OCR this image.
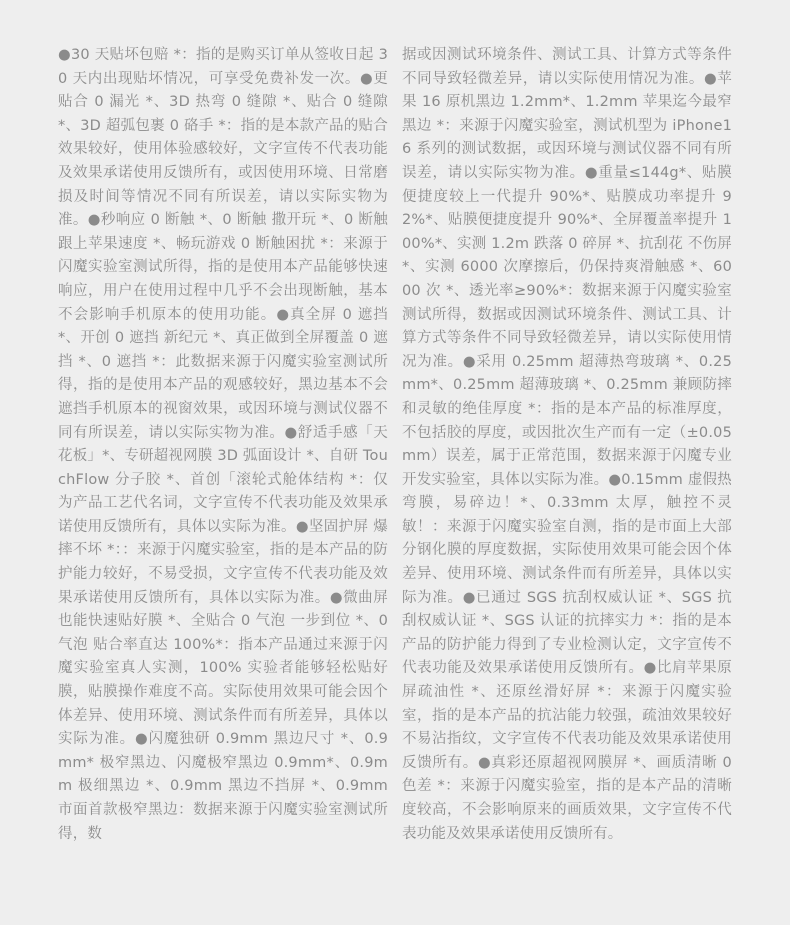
●30 天贴坏包赔 *：指的是购买订单从签收日起 30 天内出现贴坏情况，可享受免费补发一次。●更贴合 0 漏光 *、3D 热弯 0 缝隙 *、贴合 0 缝隙 *、3D 超弧包裹 0 硌手 *：指的是本款产品的贴合效果较好，使用体验感较好，文字宣传不代表功能及效果承诺使用反馈所有，或因使用环境、日常磨损及时间等情况不同有所误差，请以实际实物为准。●秒响应 0 断触 *、0 断触 撒开玩 *、0 断触 跟上苹果速度 *、畅玩游戏 0 断触困扰 *：来源于闪魔实验室测试所得，指的是使用本产品能够快速响应，用户在使用过程中几乎不会出现断触，基本不会影响手机原本的使用功能。●真全屏 0 遮挡 *、开创 0 遮挡 新纪元 *、真正做到全屏覆盖 0 遮挡 *、0 遮挡 *：此数据来源于闪魔实验室测试所得，指的是使用本产品的观感较好，黑边基本不会遮挡手机原本的视窗效果，或因环境与测试仪器不同有所误差，请以实际实物为准。●舒适手感「天花板」*、专研超视网膜 3D 弧面设计 *、自研 TouchFlow 分子胶 *、首创「滚轮式舱体结构 *：仅为产品工艺代名词，文字宣传不代表功能及效果承诺使用反馈所有，具体以实际为准。●坚固护屏 爆摔不坏 *：：来源于闪魔实验室，指的是本产品的防护能力较好，不易受损，文字宣传不代表功能及效果承诺使用反馈所有，具体以实际为准。●微曲屏也能快速贴好膜 *、全贴合 0 气泡 一步到位 *、0 气泡 贴合率直达 100%*：指本产品通过来源于闪魔实验室真人实测，100% 实验者能够轻松贴好膜，贴膜操作难度不高。实际使用效果可能会因个体差异、使用环境、测试条件而有所差异，具体以实际为准。●闪魔独研 0.9mm 黑边尺寸 *、0.9mm* 极窄黑边、闪魔极窄黑边 0.9mm*、0.9mm 极细黑边 *、0.9mm 黑边不挡屏 *、0.9mm 市面首款极窄黑边：数据来源于闪魔实验室测试所得，数

据或因测试环境条件、测试工具、计算方式等条件不同导致轻微差异，请以实际使用情况为准。●苹果 16 原机黑边 1.2mm*、1.2mm 苹果迄今最窄黑边 *：来源于闪魔实验室，测试机型为 iPhone16 系列的测试数据，或因环境与测试仪器不同有所误差，请以实际实物为准。●重量≤144g*、贴膜便捷度较上一代提升 90%*、贴膜成功率提升 92%*、贴膜便捷度提升 90%*、全屏覆盖率提升 100%*、实测 1.2m 跌落 0 碎屏 *、抗刮花 不伤屏 *、实测 6000 次摩擦后，仍保持爽滑触感 *、6000 次 *、透光率≥90%*：数据来源于闪魔实验室测试所得，数据或因测试环境条件、测试工具、计算方式等条件不同导致轻微差异，请以实际使用情况为准。●采用 0.25mm 超薄热弯玻璃 *、0.25mm*、0.25mm 超薄玻璃 *、0.25mm 兼顾防摔和灵敏的绝佳厚度 *：指的是本产品的标准厚度，不包括胶的厚度，或因批次生产而有一定（±0.05mm）误差，属于正常范围，数据来源于闪魔专业开发实验室，具体以实际为准。●0.15mm 虚假热弯膜，易碎边！*、0.33mm 太厚，触控不灵敏！：来源于闪魔实验室自测，指的是市面上大部分钢化膜的厚度数据，实际使用效果可能会因个体差异、使用环境、测试条件而有所差异，具体以实际为准。●已通过 SGS 抗刮权威认证 *、SGS 抗刮权威认证 *、SGS 认证的抗摔实力 *：指的是本产品的防护能力得到了专业检测认定，文字宣传不代表功能及效果承诺使用反馈所有。●比肩苹果原屏疏油性 *、还原丝滑好屏 *：来源于闪魔实验室，指的是本产品的抗沾能力较强，疏油效果较好不易沾指纹，文字宣传不代表功能及效果承诺使用反馈所有。●真彩还原超视网膜屏 *、画质清晰 0 色差 *：来源于闪魔实验室，指的是本产品的清晰度较高，不会影响原来的画质效果，文字宣传不代表功能及效果承诺使用反馈所有。
